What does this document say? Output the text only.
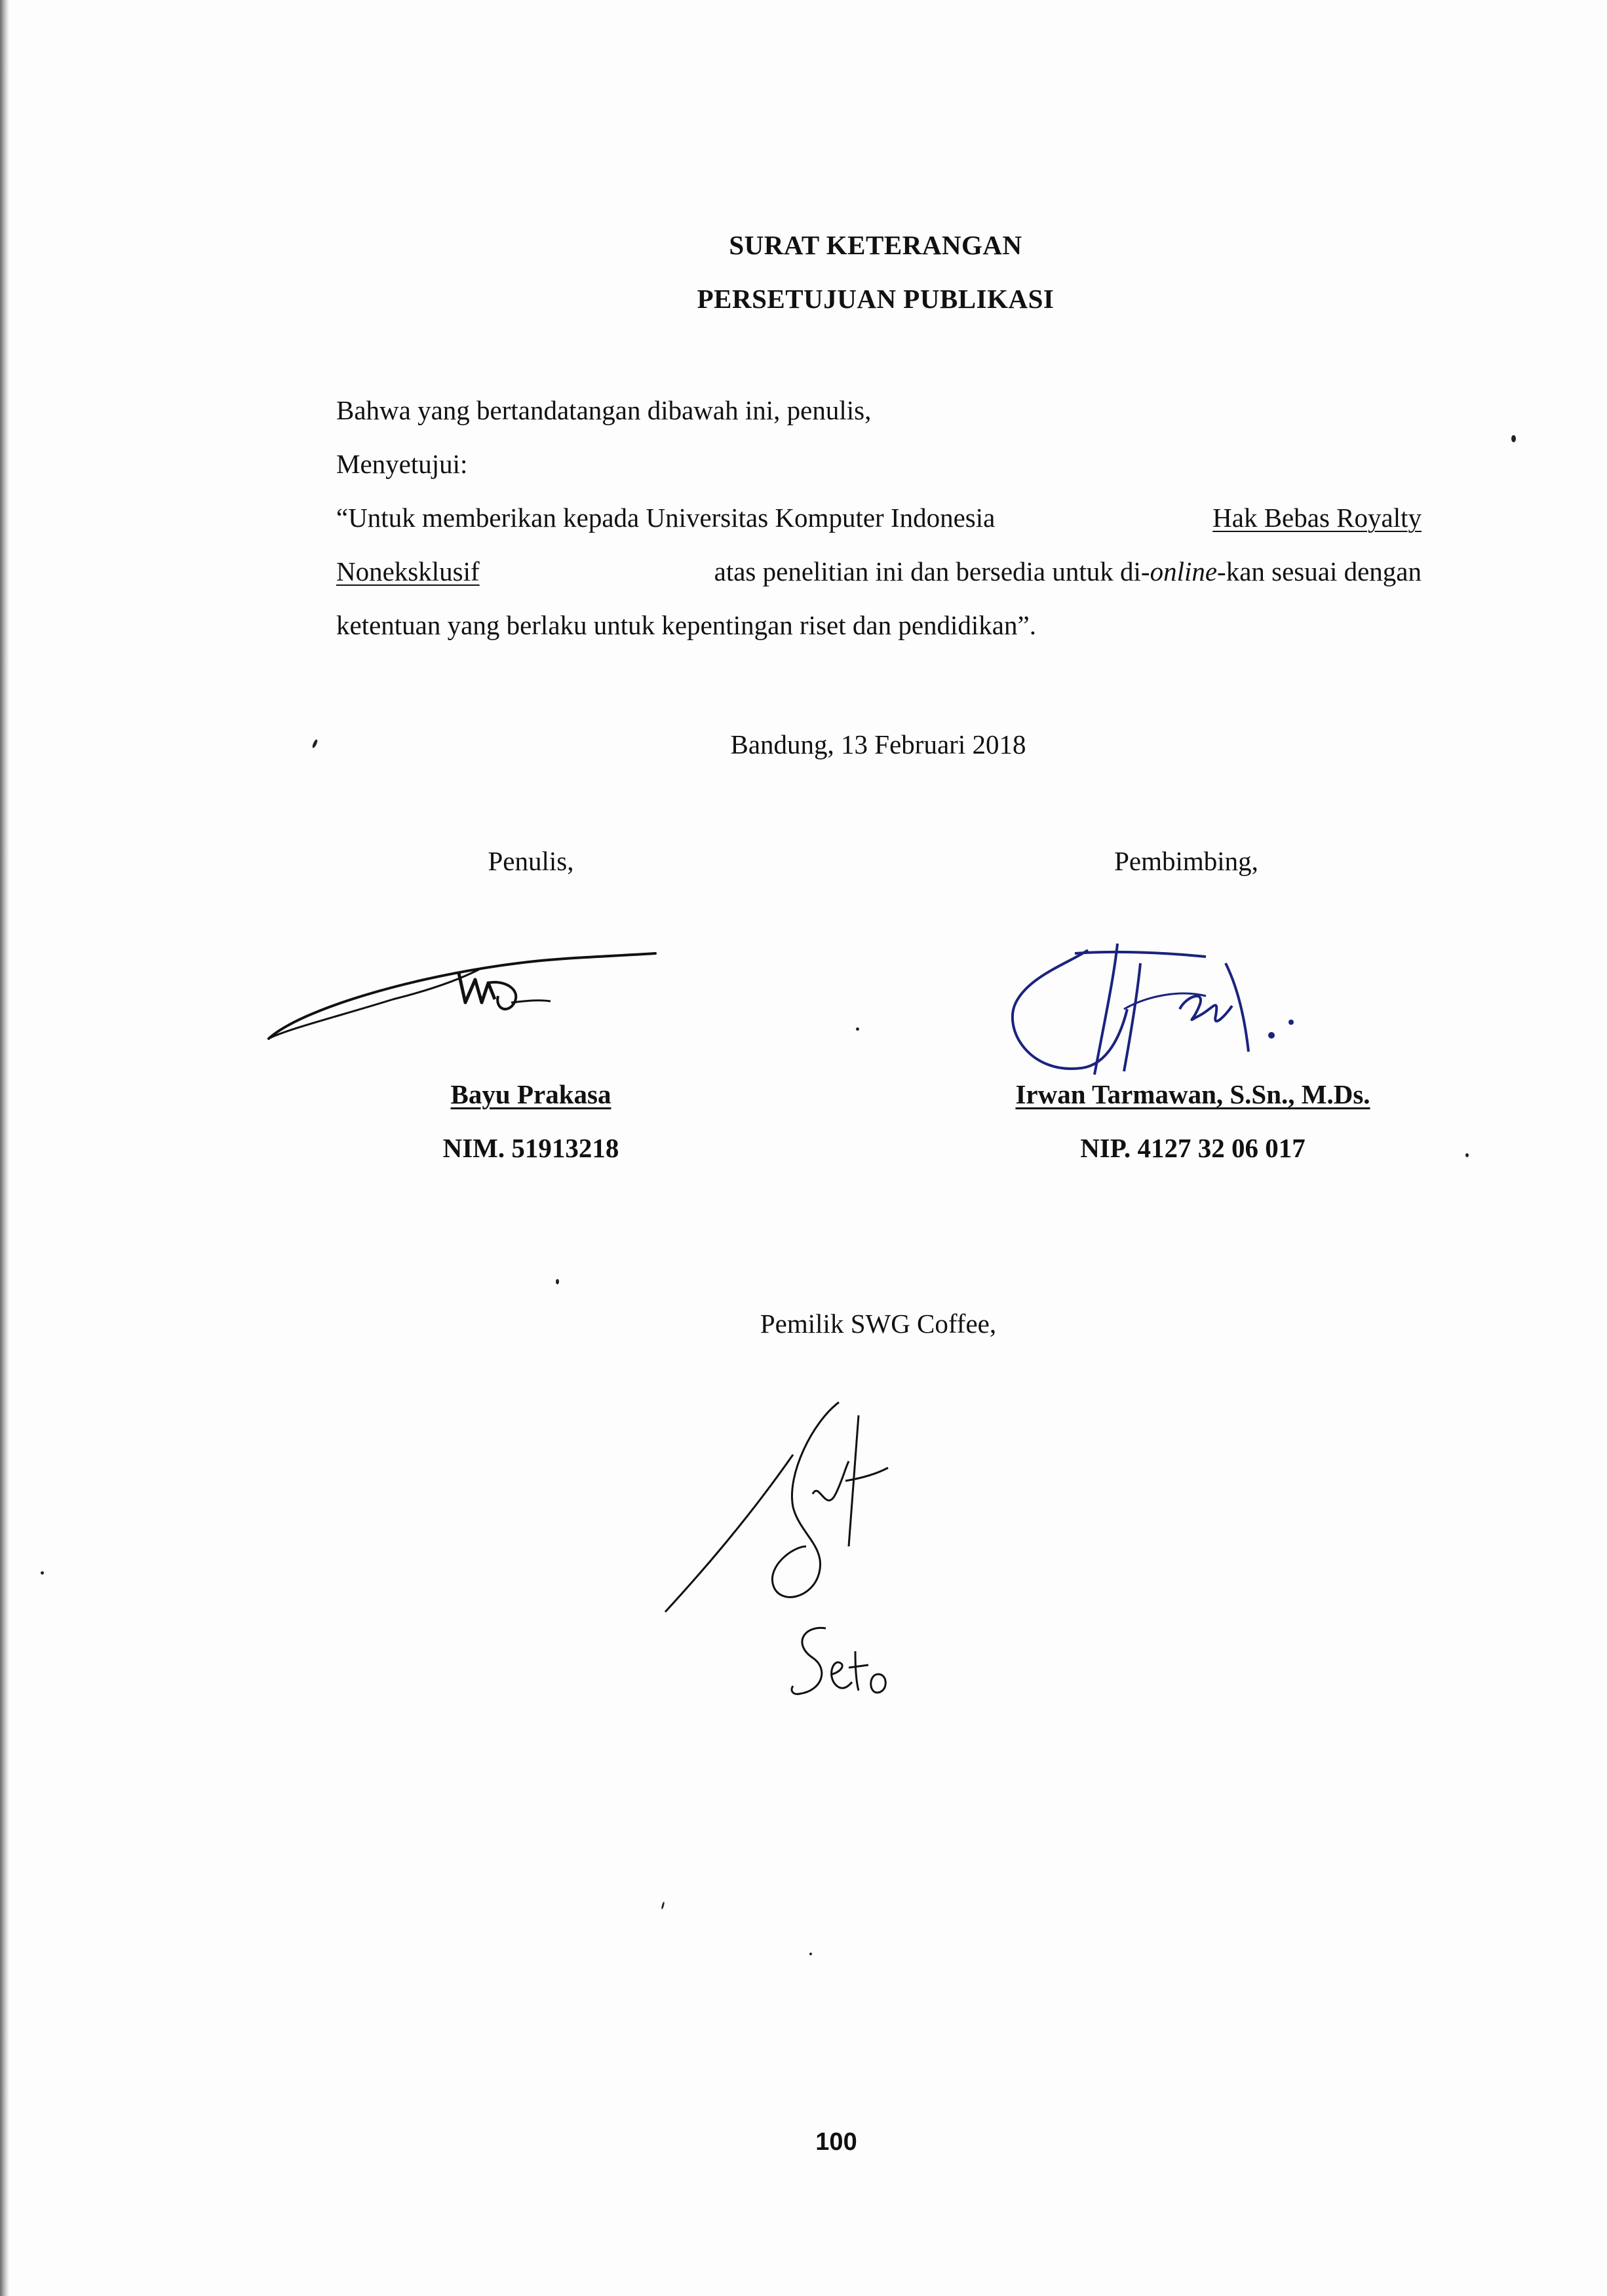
SURAT KETERANGAN
PERSETUJUAN PUBLIKASI
Bahwa yang bertandatangan dibawah ini, penulis,
Menyetujui:
“Untuk memberikan kepada Universitas Komputer Indonesia	Hak Bebas Royalty
Noneksklusif	atas penelitian ini dan bersedia untuk di-online-kan sesuai dengan
ketentuan yang berlaku untuk kepentingan riset dan pendidikan”.
Bandung, 13 Februari 2018
Penulis,	Pembimbing,
Bayu Prakasa	Irwan Tarmawan, S.Sn., M.Ds.
NIM. 51913218	NIP. 4127 32 06 017
Pemilik SWG Coffee,
100
